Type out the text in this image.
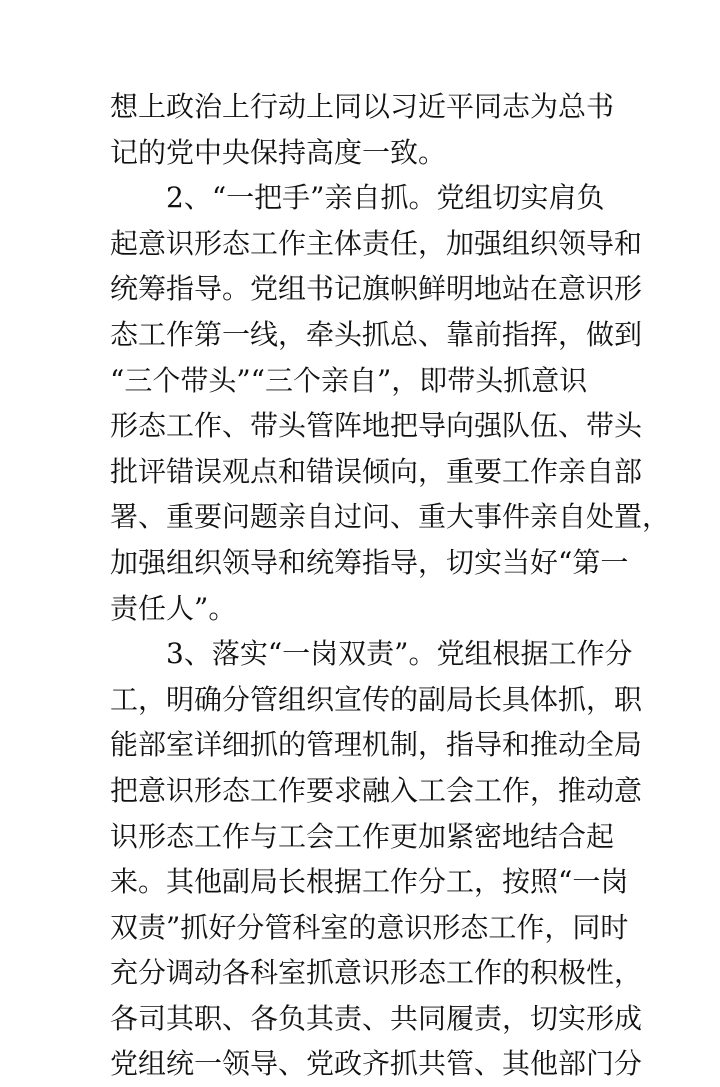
想上政治上行动上同以习近平同志为总书
记的党中央保持高度一致。
　　2、“一把手”亲自抓。党组切实肩负
起意识形态工作主体责任，加强组织领导和
统筹指导。党组书记旗帜鲜明地站在意识形
态工作第一线，牵头抓总、靠前指挥，做到
“三个带头”“三个亲自”，即带头抓意识
形态工作、带头管阵地把导向强队伍、带头
批评错误观点和错误倾向，重要工作亲自部
署、重要问题亲自过问、重大事件亲自处置，
加强组织领导和统筹指导，切实当好“第一
责任人”。
　　3、落实“一岗双责”。党组根据工作分
工，明确分管组织宣传的副局长具体抓，职
能部室详细抓的管理机制，指导和推动全局
把意识形态工作要求融入工会工作，推动意
识形态工作与工会工作更加紧密地结合起
来。其他副局长根据工作分工，按照“一岗
双责”抓好分管科室的意识形态工作，同时
充分调动各科室抓意识形态工作的积极性，
各司其职、各负其责、共同履责，切实形成
党组统一领导、党政齐抓共管、其他部门分
